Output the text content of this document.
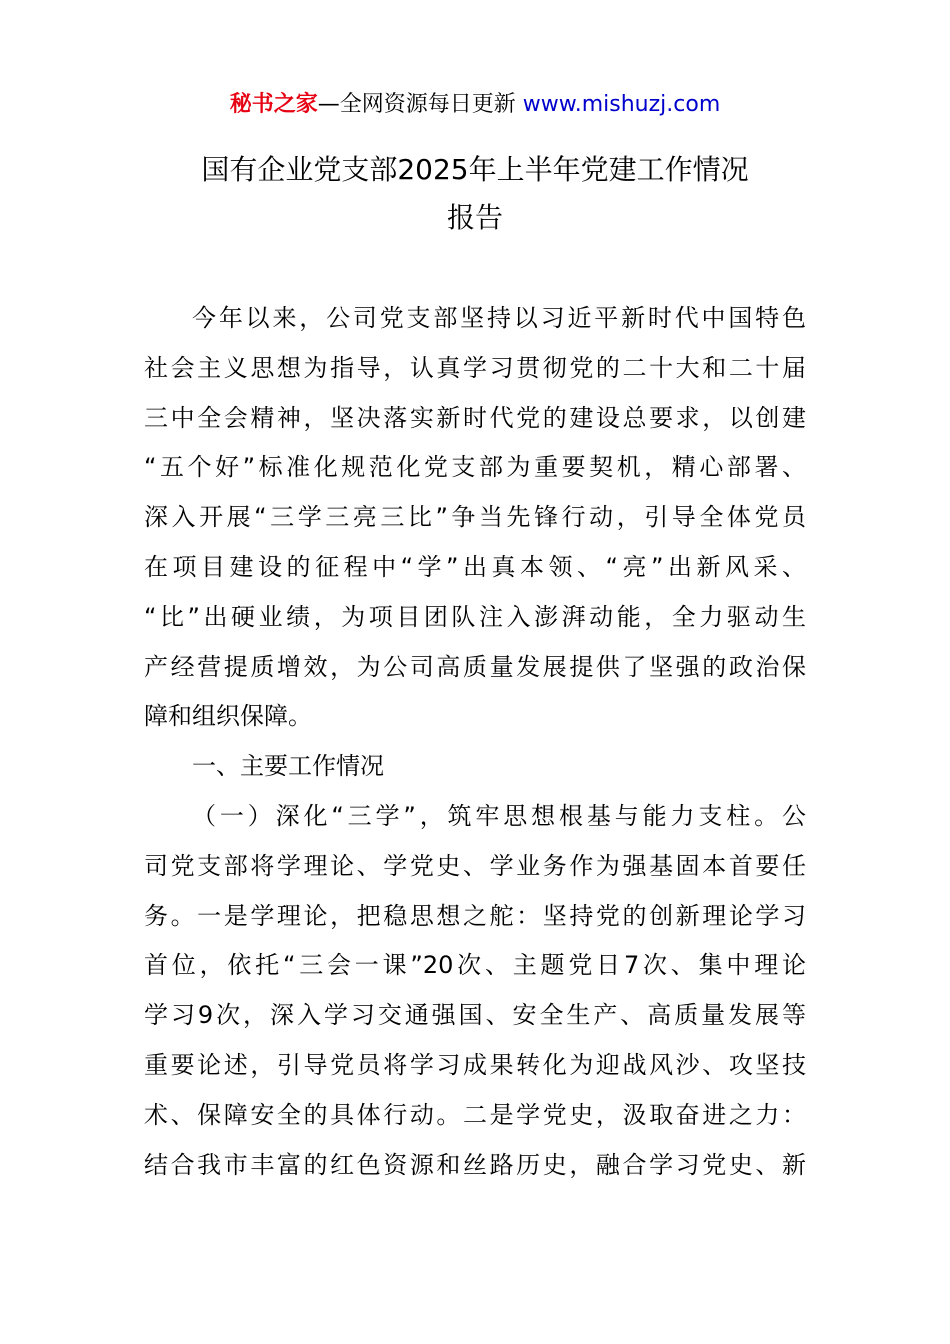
秘书之家—全网资源每日更新 www.mishuzj.com
国有企业党支部2025年上半年党建工作情况
报告
今年以来，公司党支部坚持以习近平新时代中国特色
社会主义思想为指导，认真学习贯彻党的二十大和二十届
三中全会精神，坚决落实新时代党的建设总要求，以创建
“五个好”标准化规范化党支部为重要契机，精心部署、
深入开展“三学三亮三比”争当先锋行动，引导全体党员
在项目建设的征程中“学”出真本领、“亮”出新风采、
“比”出硬业绩，为项目团队注入澎湃动能，全力驱动生
产经营提质增效，为公司高质量发展提供了坚强的政治保
障和组织保障。
一、主要工作情况
（一）深化“三学”，筑牢思想根基与能力支柱。公
司党支部将学理论、学党史、学业务作为强基固本首要任
务。一是学理论，把稳思想之舵：坚持党的创新理论学习
首位，依托“三会一课”20次、主题党日7次、集中理论
学习9次，深入学习交通强国、安全生产、高质量发展等
重要论述，引导党员将学习成果转化为迎战风沙、攻坚技
术、保障安全的具体行动。二是学党史，汲取奋进之力：
结合我市丰富的红色资源和丝路历史，融合学习党史、新
